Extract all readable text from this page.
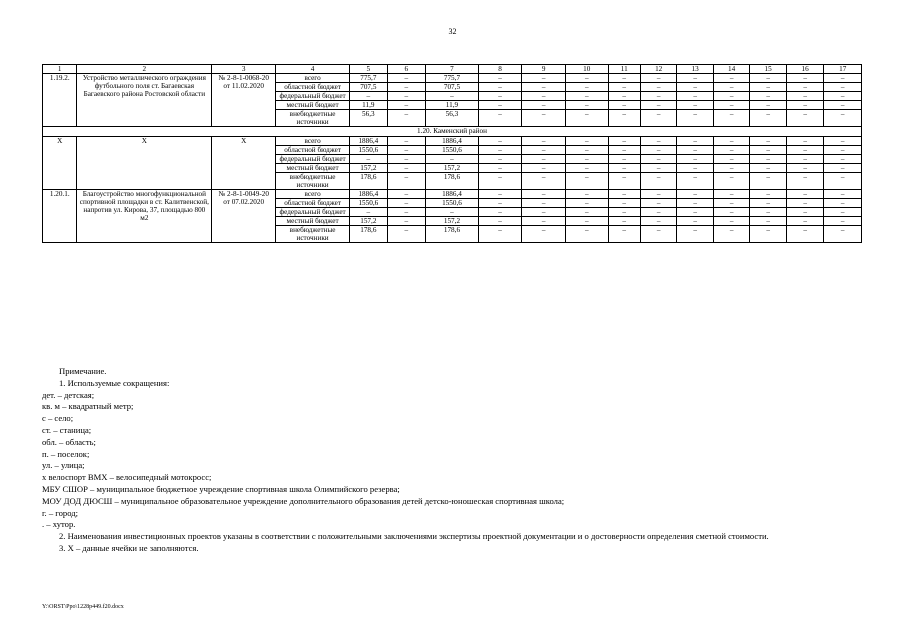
32
1	2	3	4	5	6	7	8	9	10	11	12	13	14	15	16	17
1.19.2.	Устройство металлического ограждения футбольного поля ст. Багаевская Багаевского района Ростовской области	№ 2-8-1-0068-20 от 11.02.2020	всего	775,7	–	775,7	–	–	–	–	–	–	–	–	–	–
			областной бюджет	707,5	–	707,5	–	–	–	–	–	–	–	–	–	–
			федеральный бюджет	–	–	–	–	–	–	–	–	–	–	–	–	–
			местный бюджет	11,9	–	11,9	–	–	–	–	–	–	–	–	–	–
			внебюджетные источники	56,3	–	56,3	–	–	–	–	–	–	–	–	–	–
1.20. Каменский район																
Х	Х	Х	всего	1886,4	–	1886,4	–	–	–	–	–	–	–	–	–	–
			областной бюджет	1550,6	–	1550,6	–	–	–	–	–	–	–	–	–	–
			федеральный бюджет	–	–	–	–	–	–	–	–	–	–	–	–	–
			местный бюджет	157,2	–	157,2	–	–	–	–	–	–	–	–	–	–
			внебюджетные источники	178,6	–	178,6	–	–	–	–	–	–	–	–	–	–
1.20.1.	Благоустройство многофункциональной спортивной площадки в ст. Калитвенской, напротив ул. Кирова, 37, площадью 800 м2	№ 2-8-1-0049-20 от 07.02.2020	всего	1886,4	–	1886,4	–	–	–	–	–	–	–	–	–	–
			областной бюджет	1550,6	–	1550,6	–	–	–	–	–	–	–	–	–	–
			федеральный бюджет	–	–	–	–	–	–	–	–	–	–	–	–	–
			местный бюджет	157,2	–	157,2	–	–	–	–	–	–	–	–	–	–
			внебюджетные источники	178,6	–	178,6	–	–	–	–	–	–	–	–	–	–
Примечание.
1. Используемые сокращения:
дет. – детская;
кв. м – квадратный метр;
с – село;
ст. – станица;
обл. – область;
п. – поселок;
ул. – улица;
х велоспорт ВМХ – велосипедный мотокросс;
МБУ СШОР – муниципальное бюджетное учреждение спортивная школа Олимпийского резерва;
МОУ ДОД ДЮСШ – муниципальное образовательное учреждение дополнительного образования детей детско-юношеская спортивная школа;
г. – город;
. – хутор.
2. Наименования инвестиционных проектов указаны в соответствии с положительными заключениями экспертизы проектной документации и о достоверности определения сметной стоимости.
3. Х – данные ячейки не заполняются.
Y:\ORST\Ppo\1228p449.f20.docx
